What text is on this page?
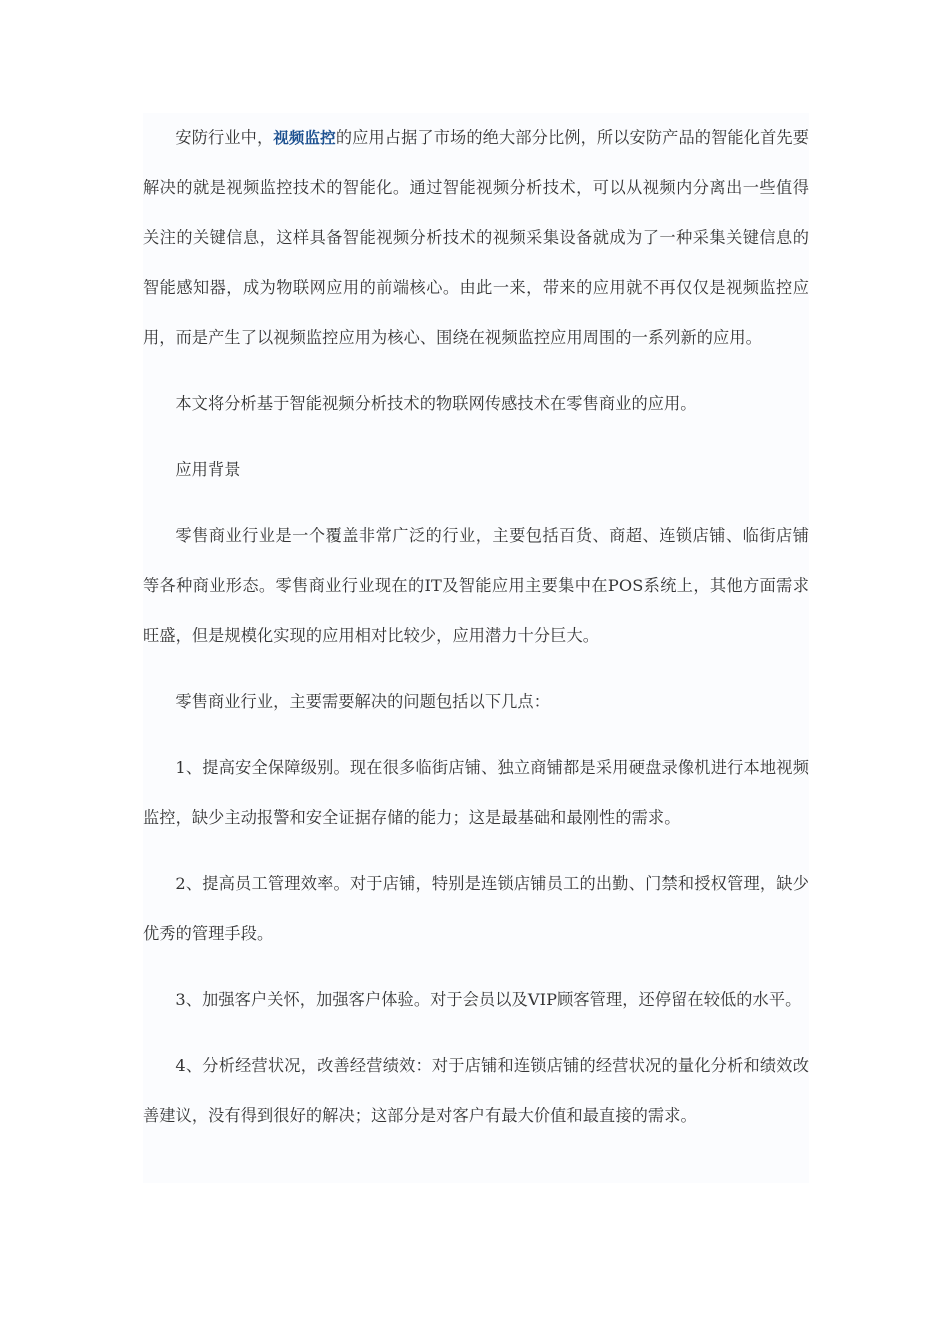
安防行业中，视频监控的应用占据了市场的绝大部分比例，所以安防产品的智能化首先要解决的就是视频监控技术的智能化。通过智能视频分析技术，可以从视频内分离出一些值得关注的关键信息，这样具备智能视频分析技术的视频采集设备就成为了一种采集关键信息的智能感知器，成为物联网应用的前端核心。由此一来，带来的应用就不再仅仅是视频监控应用，而是产生了以视频监控应用为核心、围绕在视频监控应用周围的一系列新的应用。

本文将分析基于智能视频分析技术的物联网传感技术在零售商业的应用。

应用背景

零售商业行业是一个覆盖非常广泛的行业，主要包括百货、商超、连锁店铺、临街店铺等各种商业形态。零售商业行业现在的IT及智能应用主要集中在POS系统上，其他方面需求旺盛，但是规模化实现的应用相对比较少，应用潜力十分巨大。

零售商业行业，主要需要解决的问题包括以下几点：

1、提高安全保障级别。现在很多临街店铺、独立商铺都是采用硬盘录像机进行本地视频监控，缺少主动报警和安全证据存储的能力；这是最基础和最刚性的需求。

2、提高员工管理效率。对于店铺，特别是连锁店铺员工的出勤、门禁和授权管理，缺少优秀的管理手段。

3、加强客户关怀，加强客户体验。对于会员以及VIP顾客管理，还停留在较低的水平。

4、分析经营状况，改善经营绩效：对于店铺和连锁店铺的经营状况的量化分析和绩效改善建议，没有得到很好的解决；这部分是对客户有最大价值和最直接的需求。
